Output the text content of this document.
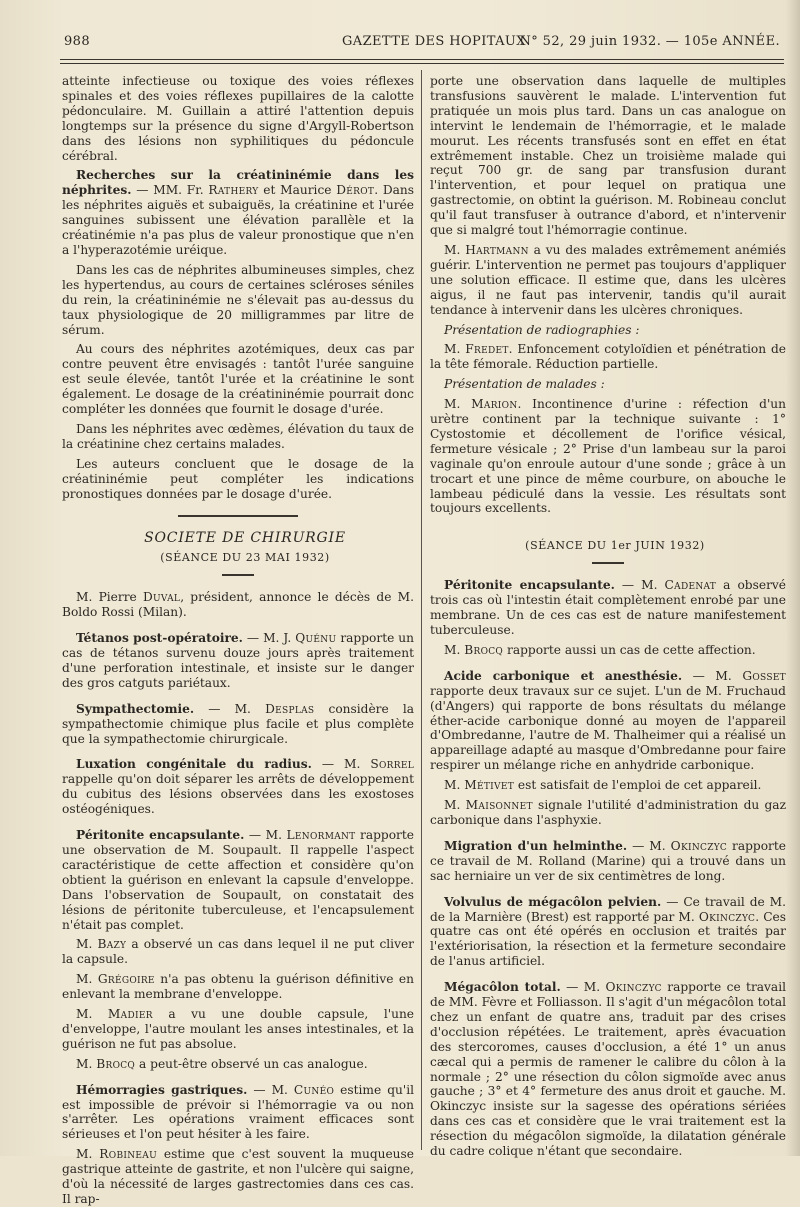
988	GAZETTE DES HOPITAUX
N° 52, 29 juin 1932. — 105e ANNÉE.

atteinte infectieuse ou toxique des voies réflexes spinales et des voies réflexes pupillaires de la calotte pédonculaire. M. Guillain a attiré l'attention depuis longtemps sur la présence du signe d'Argyll-Robertson dans des lésions non syphilitiques du pédoncule cérébral.

Recherches sur la créatininémie dans les néphrites. — MM. Fr. Rathery et Maurice Dérot. Dans les néphrites aiguës et subaiguës, la créatinine et l'urée sanguines subissent une élévation parallèle et la créatinémie n'a pas plus de valeur pronostique que n'en a l'hyperazotémie uréique.

Dans les cas de néphrites albumineuses simples, chez les hypertendus, au cours de certaines scléroses séniles du rein, la créatininémie ne s'élevait pas au-dessus du taux physiologique de 20 milligrammes par litre de sérum.

Au cours des néphrites azotémiques, deux cas par contre peuvent être envisagés : tantôt l'urée sanguine est seule élevée, tantôt l'urée et la créatinine le sont également. Le dosage de la créatininémie pourrait donc compléter les données que fournit le dosage d'urée.

Dans les néphrites avec œdèmes, élévation du taux de la créatinine chez certains malades.

Les auteurs concluent que le dosage de la créatininémie peut compléter les indications pronostiques données par le dosage d'urée.

SOCIETE DE CHIRURGIE

(SÉANCE DU 23 MAI 1932)

M. Pierre Duval, président, annonce le décès de M. Boldo Rossi (Milan).

Tétanos post-opératoire. — M. J. Quénu rapporte un cas de tétanos survenu douze jours après traitement d'une perforation intestinale, et insiste sur le danger des gros catguts pariétaux.

Sympathectomie. — M. Desplas considère la sympathectomie chimique plus facile et plus complète que la sympathectomie chirurgicale.

Luxation congénitale du radius. — M. Sorrel rappelle qu'on doit séparer les arrêts de développement du cubitus des lésions observées dans les exostoses ostéogéniques.

Péritonite encapsulante. — M. Lenormant rapporte une observation de M. Soupault. Il rappelle l'aspect caractéristique de cette affection et considère qu'on obtient la guérison en enlevant la capsule d'enveloppe. Dans l'observation de Soupault, on constatait des lésions de péritonite tuberculeuse, et l'encapsulement n'était pas complet.

M. Bazy a observé un cas dans lequel il ne put cliver la capsule.

M. Grégoire n'a pas obtenu la guérison définitive en enlevant la membrane d'enveloppe.

M. Madier a vu une double capsule, l'une d'enveloppe, l'autre moulant les anses intestinales, et la guérison ne fut pas absolue.

M. Brocq a peut-être observé un cas analogue.

Hémorragies gastriques. — M. Cunéo estime qu'il est impossible de prévoir si l'hémorragie va ou non s'arrêter. Les opérations vraiment efficaces sont sérieuses et l'on peut hésiter à les faire.

M. Robineau estime que c'est souvent la muqueuse gastrique atteinte de gastrite, et non l'ulcère qui saigne, d'où la nécessité de larges gastrectomies dans ces cas. Il rap-

porte une observation dans laquelle de multiples transfusions sauvèrent le malade. L'intervention fut pratiquée un mois plus tard. Dans un cas analogue on intervint le lendemain de l'hémorragie, et le malade mourut. Les récents transfusés sont en effet en état extrêmement instable. Chez un troisième malade qui reçut 700 gr. de sang par transfusion durant l'intervention, et pour lequel on pratiqua une gastrectomie, on obtint la guérison. M. Robineau conclut qu'il faut transfuser à outrance d'abord, et n'intervenir que si malgré tout l'hémorragie continue.

M. Hartmann a vu des malades extrêmement anémiés guérir. L'intervention ne permet pas toujours d'appliquer une solution efficace. Il estime que, dans les ulcères aigus, il ne faut pas intervenir, tandis qu'il aurait tendance à intervenir dans les ulcères chroniques.

Présentation de radiographies :

M. Fredet. Enfoncement cotyloïdien et pénétration de la tête fémorale. Réduction partielle.

Présentation de malades :

M. Marion. Incontinence d'urine : réfection d'un urètre continent par la technique suivante : 1° Cystostomie et décollement de l'orifice vésical, fermeture vésicale ; 2° Prise d'un lambeau sur la paroi vaginale qu'on enroule autour d'une sonde ; grâce à un trocart et une pince de même courbure, on abouche le lambeau pédiculé dans la vessie. Les résultats sont toujours excellents.

(SÉANCE DU 1er JUIN 1932)

Péritonite encapsulante. — M. Cadenat a observé trois cas où l'intestin était complètement enrobé par une membrane. Un de ces cas est de nature manifestement tuberculeuse.

M. Brocq rapporte aussi un cas de cette affection.

Acide carbonique et anesthésie. — M. Gosset rapporte deux travaux sur ce sujet. L'un de M. Fruchaud (d'Angers) qui rapporte de bons résultats du mélange éther-acide carbonique donné au moyen de l'appareil d'Ombredanne, l'autre de M. Thalheimer qui a réalisé un appareillage adapté au masque d'Ombredanne pour faire respirer un mélange riche en anhydride carbonique.

M. Métivet est satisfait de l'emploi de cet appareil.

M. Maisonnet signale l'utilité d'administration du gaz carbonique dans l'asphyxie.

Migration d'un helminthe. — M. Okinczyc rapporte ce travail de M. Rolland (Marine) qui a trouvé dans un sac herniaire un ver de six centimètres de long.

Volvulus de mégacôlon pelvien. — Ce travail de M. de la Marnière (Brest) est rapporté par M. Okinczyc. Ces quatre cas ont été opérés en occlusion et traités par l'extériorisation, la résection et la fermeture secondaire de l'anus artificiel.

Mégacôlon total. — M. Okinczyc rapporte ce travail de MM. Fèvre et Folliasson. Il s'agit d'un mégacôlon total chez un enfant de quatre ans, traduit par des crises d'occlusion répétées. Le traitement, après évacuation des stercoromes, causes d'occlusion, a été 1° un anus cæcal qui a permis de ramener le calibre du côlon à la normale ; 2° une résection du côlon sigmoïde avec anus gauche ; 3° et 4° fermeture des anus droit et gauche. M. Okinczyc insiste sur la sagesse des opérations sériées dans ces cas et considère que le vrai traitement est la résection du mégacôlon sigmoïde, la dilatation générale du cadre colique n'étant que secondaire.
